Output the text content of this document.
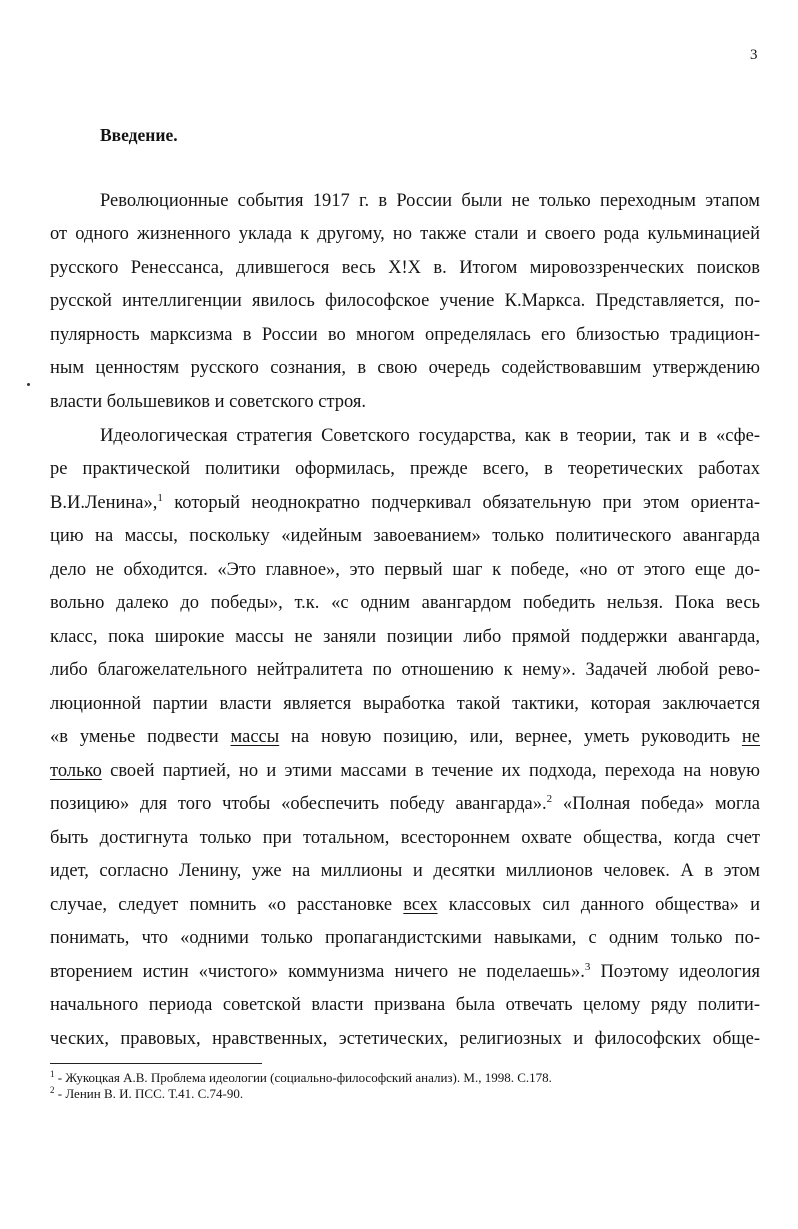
3
Введение.
Революционные события 1917 г. в России были не только переходным этапом
от одного жизненного уклада к другому, но также стали и своего рода кульминацией
русского Ренессанса, длившегося весь Х!Х в. Итогом мировоззренческих поисков
русской интеллигенции явилось философское учение К.Маркса. Представляется, по-
пулярность марксизма в России во многом определялась его близостью традицион-
ным ценностям русского сознания, в свою очередь содействовавшим утверждению
власти большевиков и советского строя.
Идеологическая стратегия Советского государства, как в теории, так и в «сфе-
ре практической политики оформилась, прежде всего, в теоретических работах
В.И.Ленина»,$^1$ который неоднократно подчеркивал обязательную при этом ориента-
цию на массы, поскольку «идейным завоеванием» только политического авангарда
дело не обходится. «Это главное», это первый шаг к победе, «но от этого еще до-
вольно далеко до победы», т.к. «с одним авангардом победить нельзя. Пока весь
класс, пока широкие массы не заняли позиции либо прямой поддержки авангарда,
либо благожелательного нейтралитета по отношению к нему». Задачей любой рево-
люционной партии власти является выработка такой тактики, которая заключается
«в уменье подвести массы на новую позицию, или, вернее, уметь руководить не
только своей партией, но и этими массами в течение их подхода, перехода на новую
позицию» для того чтобы «обеспечить победу авангарда».$^2$ «Полная победа» могла
быть достигнута только при тотальном, всестороннем охвате общества, когда счет
идет, согласно Ленину, уже на миллионы и десятки миллионов человек. А в этом
случае, следует помнить «о расстановке всех классовых сил данного общества» и
понимать, что «одними только пропагандистскими навыками, с одним только по-
вторением истин «чистого» коммунизма ничего не поделаешь».$^3$ Поэтому идеология
начального периода советской власти призвана была отвечать целому ряду полити-
ческих, правовых, нравственных, эстетических, религиозных и философских обще-
$^1$ - Жукоцкая А.В. Проблема идеологии (социально-философский анализ). М., 1998. С.178.
$^2$ - Ленин В. И. ПСС. Т.41. С.74-90.
